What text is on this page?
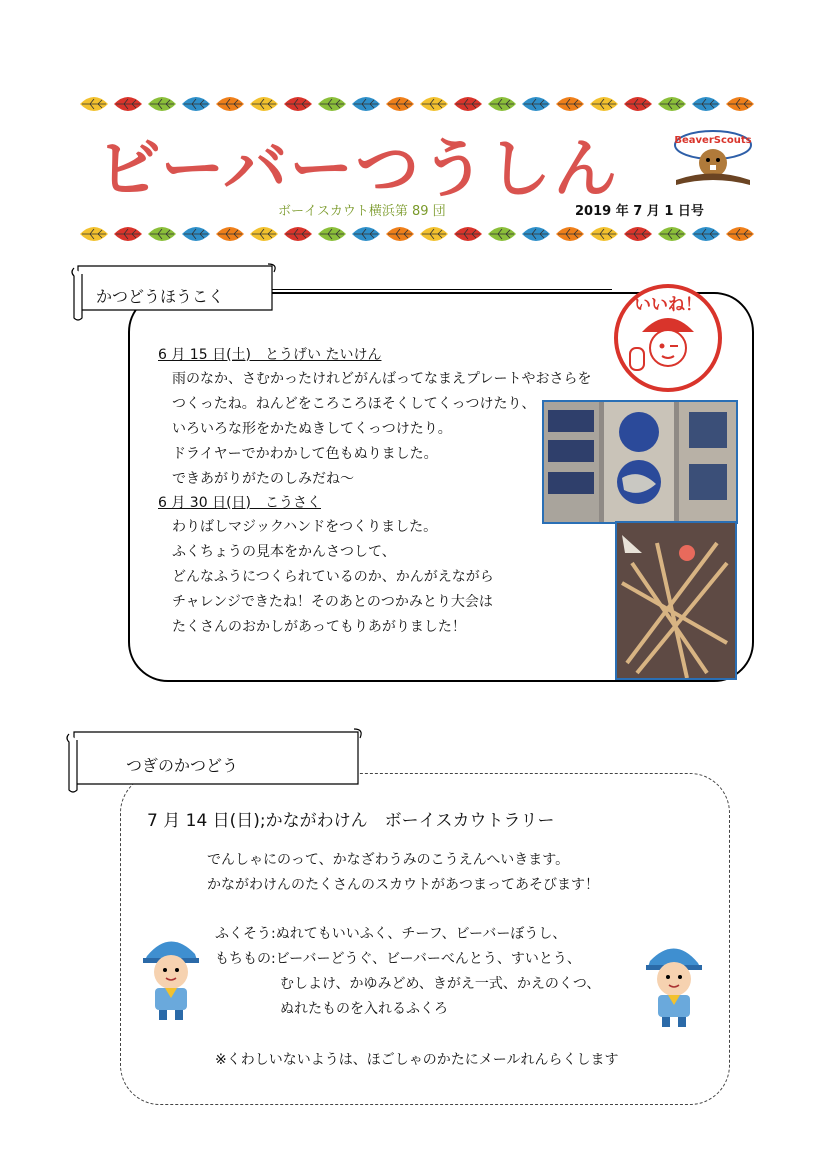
ビーバーつうしん	BeaverScouts
ボーイスカウト横浜第 89 団	2019 年 7 月 1 日号
かつどうほうこく	いいね！
6 月 15 日(土)　とうげい たいけん
雨のなか、さむかったけれどがんばってなまえプレートやおさらを
つくったね。ねんどをころころほそくしてくっつけたり、
いろいろな形をかたぬきしてくっつけたり。
ドライヤーでかわかして色もぬりました。
できあがりがたのしみだね～
6 月 30 日(日)　こうさく
わりばしマジックハンドをつくりました。
ふくちょうの見本をかんさつして、
どんなふうにつくられているのか、かんがえながら
チャレンジできたね！そのあとのつかみとり大会は
たくさんのおかしがあってもりあがりました！
つぎのかつどう
7 月 14 日(日);かながわけん　ボーイスカウトラリー
でんしゃにのって、かなざわうみのこうえんへいきます。
かながわけんのたくさんのスカウトがあつまってあそびます！
ふくそう:ぬれてもいいふく、チーフ、ビーバーぼうし、
もちもの:ビーバーどうぐ、ビーバーべんとう、すいとう、
むしよけ、かゆみどめ、きがえ一式、かえのくつ、
ぬれたものを入れるふくろ
※くわしいないようは、ほごしゃのかたにメールれんらくします
